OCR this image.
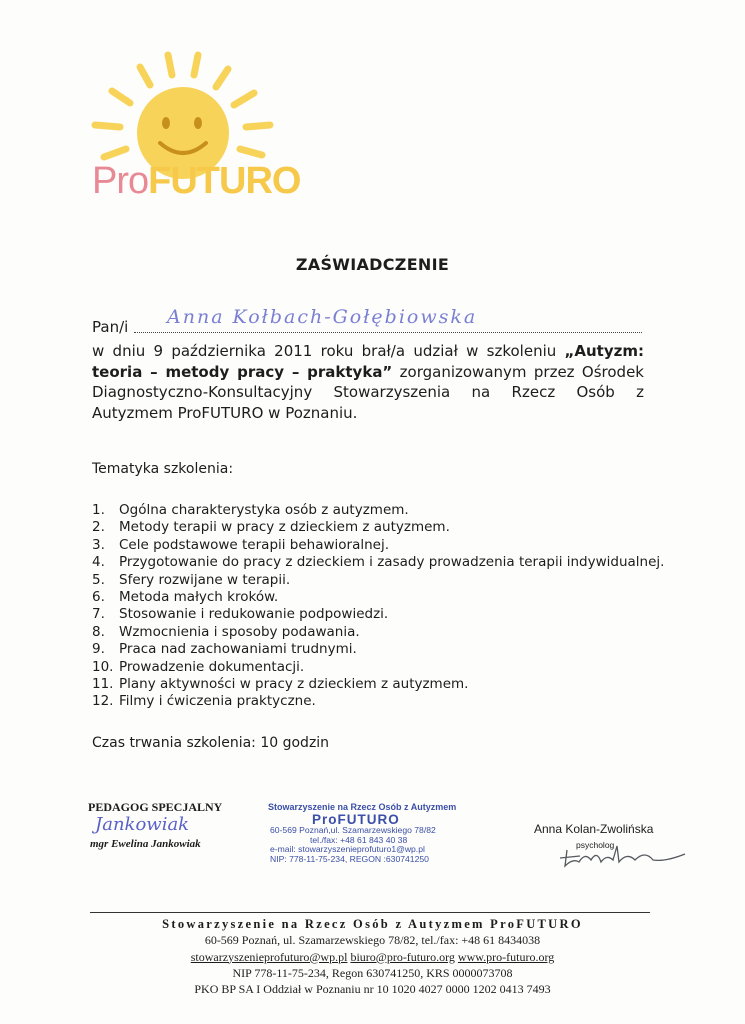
ProFUTURO
ZAŚWIADCZENIE
Pan/i Anna Kołbach-Gołębiowska
w dniu 9 października 2011 roku brał/a udział w szkoleniu „Autyzm: teoria – metody pracy – praktyka” zorganizowanym przez Ośrodek Diagnostyczno-Konsultacyjny Stowarzyszenia na Rzecz Osób z Autyzmem ProFUTURO w Poznaniu.
Tematyka szkolenia:
1.	Ogólna charakterystyka osób z autyzmem.
2.	Metody terapii w pracy z dzieckiem z autyzmem.
3.	Cele podstawowe terapii behawioralnej.
4.	Przygotowanie do pracy z dzieckiem i zasady prowadzenia terapii indywidualnej.
5.	Sfery rozwijane w terapii.
6.	Metoda małych kroków.
7.	Stosowanie i redukowanie podpowiedzi.
8.	Wzmocnienia i sposoby podawania.
9.	Praca nad zachowaniami trudnymi.
10. Prowadzenie dokumentacji.
11. Plany aktywności w pracy z dzieckiem z autyzmem.
12. Filmy i ćwiczenia praktyczne.
Czas trwania szkolenia: 10 godzin
PEDAGOG SPECJALNY
Jankowiak
mgr Ewelina Jankowiak
Stowarzyszenie na Rzecz Osób z Autyzmem
ProFUTURO
60-569 Poznań,ul. Szamarzewskiego 78/82
tel./fax: +48 61 843 40 38
e-mail: stowarzyszenieprofuturo1@wp.pl
NIP: 778-11-75-234, REGON :630741250
Anna Kolan-Zwolińska
psycholog
Stowarzyszenie na Rzecz Osób z Autyzmem ProFUTURO
60-569 Poznań, ul. Szamarzewskiego 78/82, tel./fax: +48 61 8434038
stowarzyszenieprofuturo@wp.pl biuro@pro-futuro.org www.pro-futuro.org
NIP 778-11-75-234, Regon 630741250, KRS 0000073708
PKO BP SA I Oddział w Poznaniu nr 10 1020 4027 0000 1202 0413 7493
